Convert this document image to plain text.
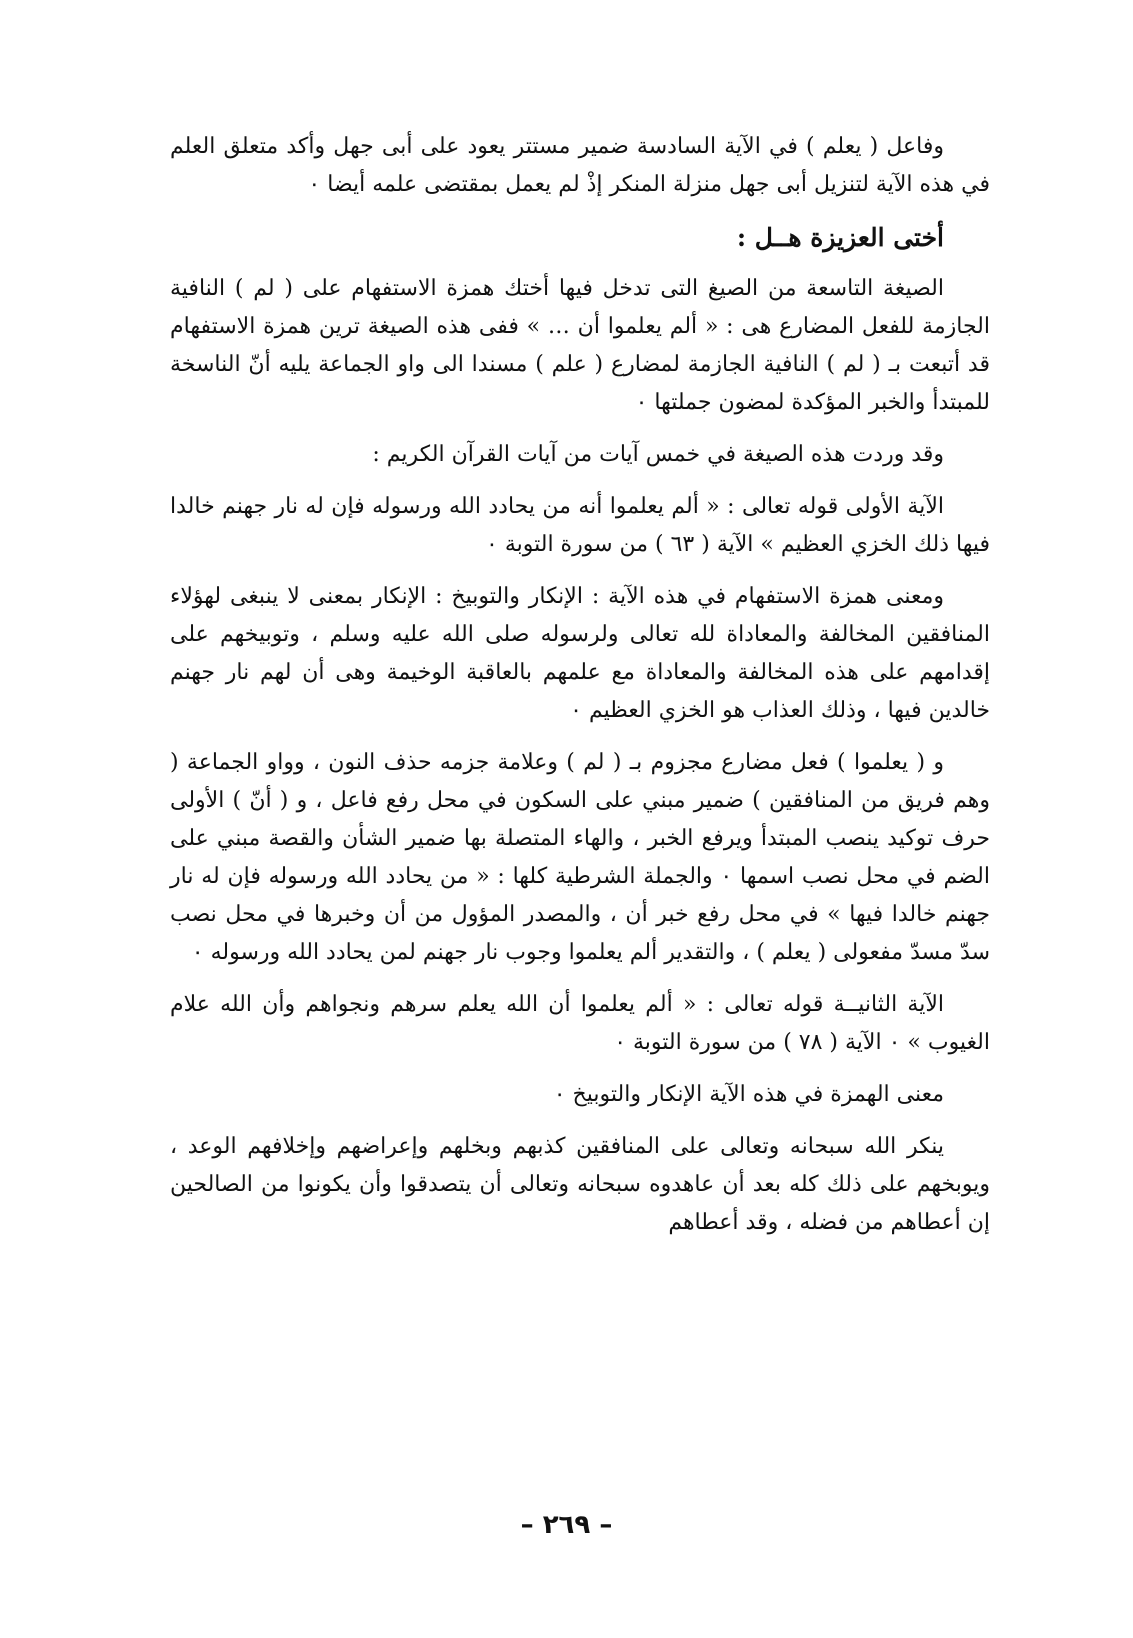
وفاعل ( يعلم ) في الآية السادسة ضمير مستتر يعود على أبى جهل وأكد متعلق العلم في هذه الآية لتنزيل أبى جهل منزلة المنكر إذْ لم يعمل بمقتضى علمه أيضا ٠

أختى العزيزة هــل :

الصيغة التاسعة من الصيغ التى تدخل فيها أختك همزة الاستفهام على ( لم ) النافية الجازمة للفعل المضارع هى : « ألم يعلموا أن … » ففى هذه الصيغة ترين همزة الاستفهام قد أتبعت بـ ( لم ) النافية الجازمة لمضارع ( علم ) مسندا الى واو الجماعة يليه أنّ الناسخة للمبتدأ والخبر المؤكدة لمضون جملتها ٠

وقد وردت هذه الصيغة في خمس آيات من آيات القرآن الكريم :

الآية الأولى قوله تعالى : « ألم يعلموا أنه من يحادد الله ورسوله فإن له نار جهنم خالدا فيها ذلك الخزي العظيم » الآية ( ٦٣ ) من سورة التوبة ٠

ومعنى همزة الاستفهام في هذه الآية : الإنكار والتوبيخ : الإنكار بمعنى لا ينبغى لهؤلاء المنافقين المخالفة والمعاداة لله تعالى ولرسوله صلى الله عليه وسلم ، وتوبيخهم على إقدامهم على هذه المخالفة والمعاداة مع علمهم بالعاقبة الوخيمة وهى أن لهم نار جهنم خالدين فيها ، وذلك العذاب هو الخزي العظيم ٠

و ( يعلموا ) فعل مضارع مجزوم بـ ( لم ) وعلامة جزمه حذف النون ، وواو الجماعة ( وهم فريق من المنافقين ) ضمير مبني على السكون في محل رفع فاعل ، و ( أنّ ) الأولى حرف توكيد ينصب المبتدأ ويرفع الخبر ، والهاء المتصلة بها ضمير الشأن والقصة مبني على الضم في محل نصب اسمها ٠ والجملة الشرطية كلها : « من يحادد الله ورسوله فإن له نار جهنم خالدا فيها » في محل رفع خبر أن ، والمصدر المؤول من أن وخبرها في محل نصب سدّ مسدّ مفعولى ( يعلم ) ، والتقدير ألم يعلموا وجوب نار جهنم لمن يحادد الله ورسوله ٠

الآية الثانيــة قوله تعالى : « ألم يعلموا أن الله يعلم سرهم ونجواهم وأن الله علام الغيوب » ٠ الآية ( ٧٨ ) من سورة التوبة ٠

معنى الهمزة في هذه الآية الإنكار والتوبيخ ٠

ينكر الله سبحانه وتعالى على المنافقين كذبهم وبخلهم وإعراضهم وإخلافهم الوعد ، ويوبخهم على ذلك كله بعد أن عاهدوه سبحانه وتعالى أن يتصدقوا وأن يكونوا من الصالحين إن أعطاهم من فضله ، وقد أعطاهم

– ٢٦٩ –
